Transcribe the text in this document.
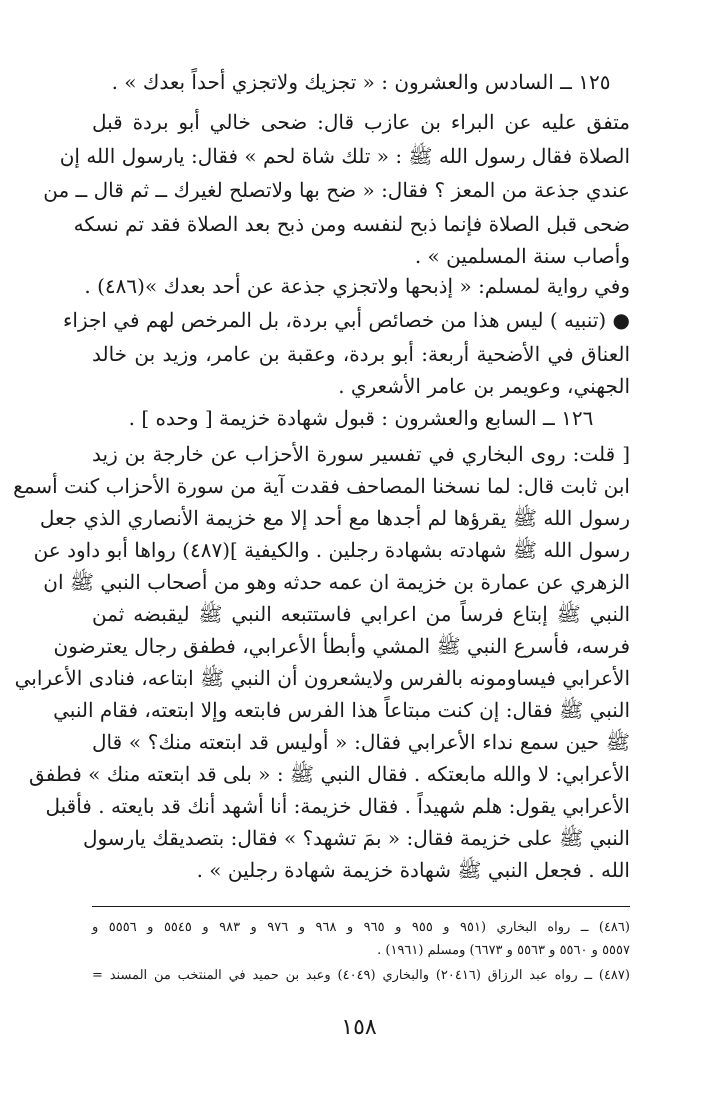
١٢٥ ــ السادس والعشرون : « تجزيك ولاتجزي أحداً بعدك » .
متفق عليه عن البراء بن عازب قال: ضحى خالي أبو بردة قبل
الصلاة فقال رسول الله ﷺ : « تلك شاة لحم » فقال: يارسول الله إن
عندي جذعة من المعز ؟ فقال: « ضح بها ولاتصلح لغيرك ــ ثم قال ــ من
ضحى قبل الصلاة فإنما ذبح لنفسه ومن ذبح بعد الصلاة فقد تم نسكه
وأصاب سنة المسلمين » .
وفي رواية لمسلم: « إذبحها ولاتجزي جذعة عن أحد بعدك »(٤٨٦) .
● (تنبيه ) ليس هذا من خصائص أبي بردة، بل المرخص لهم في اجزاء
العناق في الأضحية أربعة: أبو بردة، وعقبة بن عامر، وزيد بن خالد
الجهني، وعويمر بن عامر الأشعري .
١٢٦ ــ السابع والعشرون : قبول شهادة خزيمة [ وحده ] .
[ قلت: روى البخاري في تفسير سورة الأحزاب عن خارجة بن زيد
ابن ثابت قال: لما نسخنا المصاحف فقدت آية من سورة الأحزاب كنت أسمع
رسول الله ﷺ يقرؤها لم أجدها مع أحد إلا مع خزيمة الأنصاري الذي جعل
رسول الله ﷺ شهادته بشهادة رجلين . والكيفية ](٤٨٧) رواها أبو داود عن
الزهري عن عمارة بن خزيمة ان عمه حدثه وهو من أصحاب النبي ﷺ ان
النبي ﷺ إبتاع فرساً من اعرابي فاستتبعه النبي ﷺ ليقبضه ثمن
فرسه، فأسرع النبي ﷺ المشي وأبطأ الأعرابي، فطفق رجال يعترضون
الأعرابي فيساومونه بالفرس ولايشعرون أن النبي ﷺ ابتاعه، فنادى الأعرابي
النبي ﷺ فقال: إن كنت مبتاعاً هذا الفرس فابتعه وإلا ابتعته، فقام النبي
ﷺ حين سمع نداء الأعرابي فقال: « أوليس قد ابتعته منك؟ » قال
الأعرابي: لا والله مابعتكه . فقال النبي ﷺ : « بلى قد ابتعته منك » فطفق
الأعرابي يقول: هلم شهيداً . فقال خزيمة: أنا أشهد أنك قد بايعته . فأقبل
النبي ﷺ على خزيمة فقال: « بمَ تشهد؟ » فقال: بتصديقك يارسول
الله . فجعل النبي ﷺ شهادة خزيمة شهادة رجلين » .
(٤٨٦) ــ رواه البخاري (٩٥١ و ٩٥٥ و ٩٦٥ و ٩٦٨ و ٩٧٦ و ٩٨٣ و ٥٥٤٥ و ٥٥٥٦ و
٥٥٥٧ و ٥٥٦٠ و ٥٥٦٣ و ٦٦٧٣) ومسلم (١٩٦١) .
(٤٨٧) ــ رواه عبد الرزاق (٢٠٤١٦) والبخاري (٤٠٤٩) وعبد بن حميد في المنتخب من المسند =
١٥٨
